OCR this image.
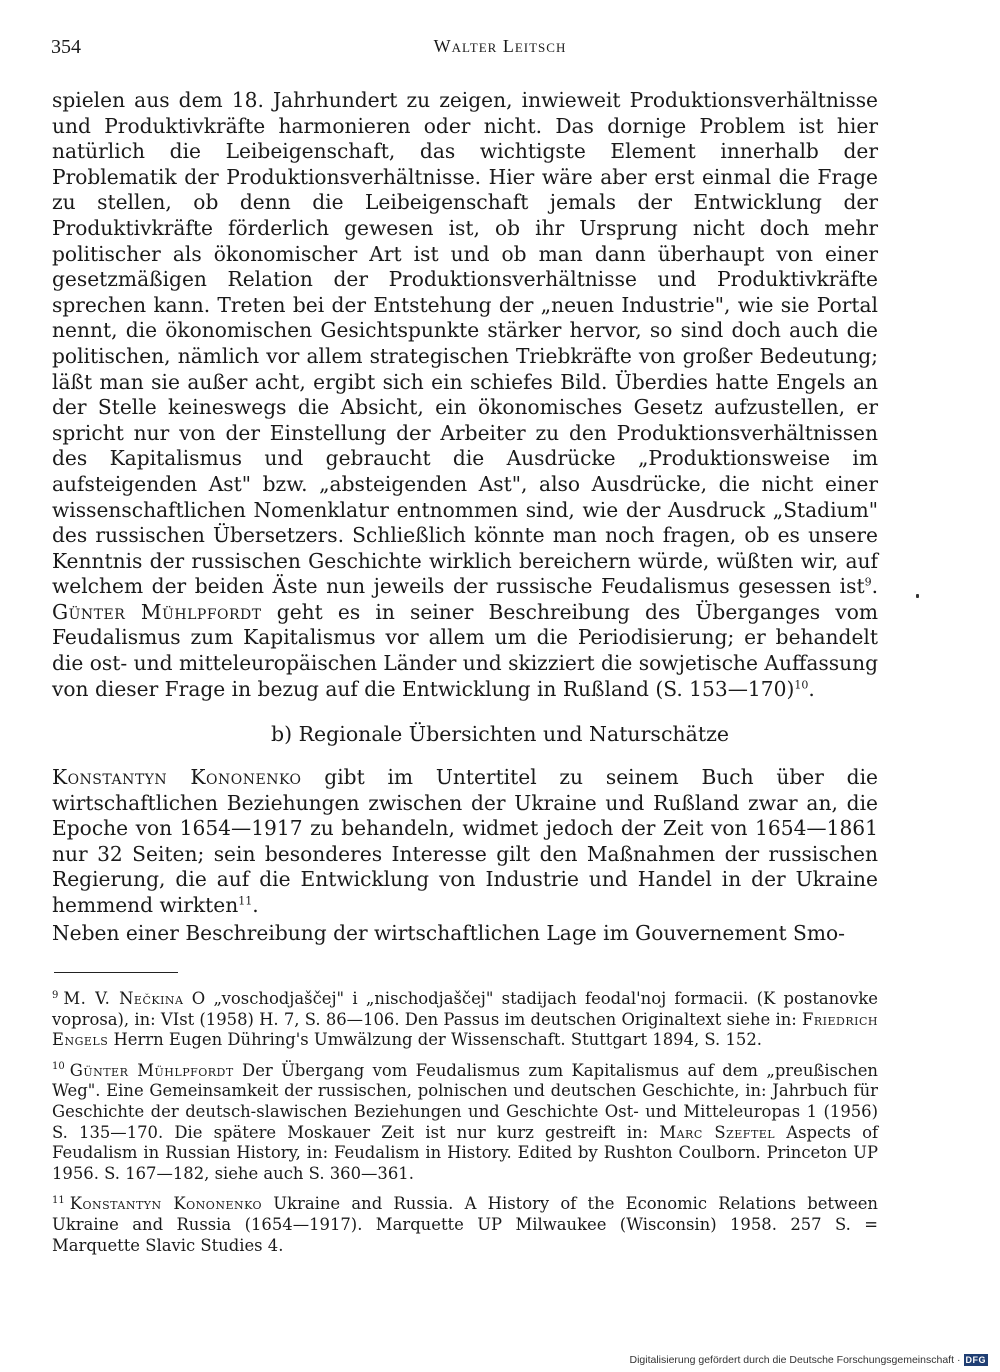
354	Walter Leitsch

spielen aus dem 18. Jahrhundert zu zeigen, inwieweit Produktionsverhältnisse und Produktivkräfte harmonieren oder nicht. Das dornige Problem ist hier natürlich die Leibeigenschaft, das wichtigste Element innerhalb der Problematik der Produktionsverhältnisse. Hier wäre aber erst einmal die Frage zu stellen, ob denn die Leibeigenschaft jemals der Entwicklung der Produktivkräfte förderlich gewesen ist, ob ihr Ursprung nicht doch mehr politischer als ökonomischer Art ist und ob man dann überhaupt von einer gesetzmäßigen Relation der Produktionsverhältnisse und Produktivkräfte sprechen kann. Treten bei der Entstehung der „neuen Industrie", wie sie Portal nennt, die ökonomischen Gesichtspunkte stärker hervor, so sind doch auch die politischen, nämlich vor allem strategischen Triebkräfte von großer Bedeutung; läßt man sie außer acht, ergibt sich ein schiefes Bild. Überdies hatte Engels an der Stelle keineswegs die Absicht, ein ökonomisches Gesetz aufzustellen, er spricht nur von der Einstellung der Arbeiter zu den Produktionsverhältnissen des Kapitalismus und gebraucht die Ausdrücke „Produktionsweise im aufsteigenden Ast" bzw. „absteigenden Ast", also Ausdrücke, die nicht einer wissenschaftlichen Nomenklatur entnommen sind, wie der Ausdruck „Stadium" des russischen Übersetzers. Schließlich könnte man noch fragen, ob es unsere Kenntnis der russischen Geschichte wirklich bereichern würde, wüßten wir, auf welchem der beiden Äste nun jeweils der russische Feudalismus gesessen ist$^9$. Günter Mühlpfordt geht es in seiner Beschreibung des Überganges vom Feudalismus zum Kapitalismus vor allem um die Periodisierung; er behandelt die ost- und mitteleuropäischen Länder und skizziert die sowjetische Auffassung von dieser Frage in bezug auf die Entwicklung in Rußland (S. 153—170)$^{10}$.

b) Regionale Übersichten und Naturschätze

Konstantyn Kononenko gibt im Untertitel zu seinem Buch über die wirtschaftlichen Beziehungen zwischen der Ukraine und Rußland zwar an, die Epoche von 1654—1917 zu behandeln, widmet jedoch der Zeit von 1654—1861 nur 32 Seiten; sein besonderes Interesse gilt den Maßnahmen der russischen Regierung, die auf die Entwicklung von Industrie und Handel in der Ukraine hemmend wirkten$^{11}$.

Neben einer Beschreibung der wirtschaftlichen Lage im Gouvernement Smo-

$^9$ M. V. Nečkina O „voschodjaščej" i „nischodjaščej" stadijach feodal'noj formacii. (K postanovke voprosa), in: VIst (1958) H. 7, S. 86—106. Den Passus im deutschen Originaltext siehe in: Friedrich Engels Herrn Eugen Dühring's Umwälzung der Wissenschaft. Stuttgart 1894, S. 152.

$^{10}$ Günter Mühlpfordt Der Übergang vom Feudalismus zum Kapitalismus auf dem „preußischen Weg". Eine Gemeinsamkeit der russischen, polnischen und deutschen Geschichte, in: Jahrbuch für Geschichte der deutsch-slawischen Beziehungen und Geschichte Ost- und Mitteleuropas 1 (1956) S. 135—170. Die spätere Moskauer Zeit ist nur kurz gestreift in: Marc Szeftel Aspects of Feudalism in Russian History, in: Feudalism in History. Edited by Rushton Coulborn. Princeton UP 1956. S. 167—182, siehe auch S. 360—361.

$^{11}$ Konstantyn Kononenko Ukraine and Russia. A History of the Economic Relations between Ukraine and Russia (1654—1917). Marquette UP Milwaukee (Wisconsin) 1958. 257 S. = Marquette Slavic Studies 4.

Digitalisierung gefördert durch die Deutsche Forschungsgemeinschaft · DFG
